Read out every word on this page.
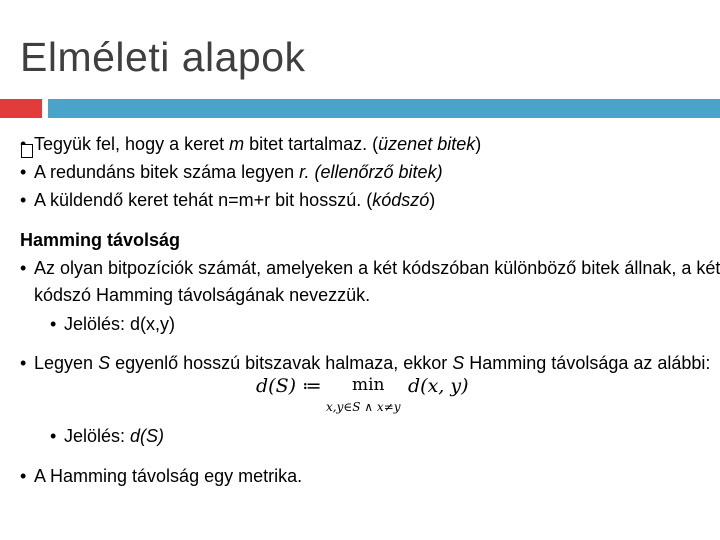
Elméleti alapok
Tegyük fel, hogy a keret m bitet tartalmaz. (üzenet bitek)
• A redundáns bitek száma legyen r. (ellenőrző bitek)
• A küldendő keret tehát n=m+r bit hosszú. (kódszó)
Hamming távolság
• Az olyan bitpozíciók számát, amelyeken a két kódszóban különböző bitek állnak, a két
kódszó Hamming távolságának nevezzük.
• Jelölés: d(x,y)
• Legyen S egyenlő hosszú bitszavak halmaza, ekkor S Hamming távolsága az alábbi:
• Jelölés: d(S)
• A Hamming távolság egy metrika.
d(S) ≔ min
x,y∈S ∧ x≠y
d(x, y)
